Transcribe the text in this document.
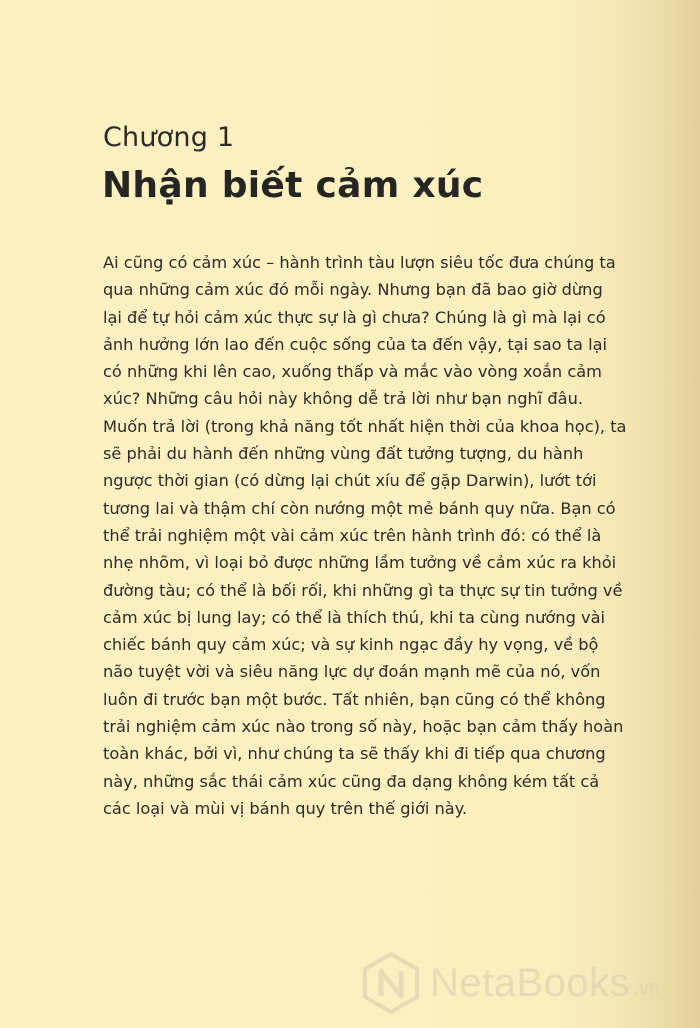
Chương 1
Nhận biết cảm xúc
Ai cũng có cảm xúc – hành trình tàu lượn siêu tốc đưa chúng ta
qua những cảm xúc đó mỗi ngày. Nhưng bạn đã bao giờ dừng
lại để tự hỏi cảm xúc thực sự là gì chưa? Chúng là gì mà lại có
ảnh hưởng lớn lao đến cuộc sống của ta đến vậy, tại sao ta lại
có những khi lên cao, xuống thấp và mắc vào vòng xoắn cảm
xúc? Những câu hỏi này không dễ trả lời như bạn nghĩ đâu.
Muốn trả lời (trong khả năng tốt nhất hiện thời của khoa học), ta
sẽ phải du hành đến những vùng đất tưởng tượng, du hành
ngược thời gian (có dừng lại chút xíu để gặp Darwin), lướt tới
tương lai và thậm chí còn nướng một mẻ bánh quy nữa. Bạn có
thể trải nghiệm một vài cảm xúc trên hành trình đó: có thể là
nhẹ nhõm, vì loại bỏ được những lầm tưởng về cảm xúc ra khỏi
đường tàu; có thể là bối rối, khi những gì ta thực sự tin tưởng về
cảm xúc bị lung lay; có thể là thích thú, khi ta cùng nướng vài
chiếc bánh quy cảm xúc; và sự kinh ngạc đầy hy vọng, về bộ
não tuyệt vời và siêu năng lực dự đoán mạnh mẽ của nó, vốn
luôn đi trước bạn một bước. Tất nhiên, bạn cũng có thể không
trải nghiệm cảm xúc nào trong số này, hoặc bạn cảm thấy hoàn
toàn khác, bởi vì, như chúng ta sẽ thấy khi đi tiếp qua chương
này, những sắc thái cảm xúc cũng đa dạng không kém tất cả
các loại và mùi vị bánh quy trên thế giới này.
NetaBooks .vn
